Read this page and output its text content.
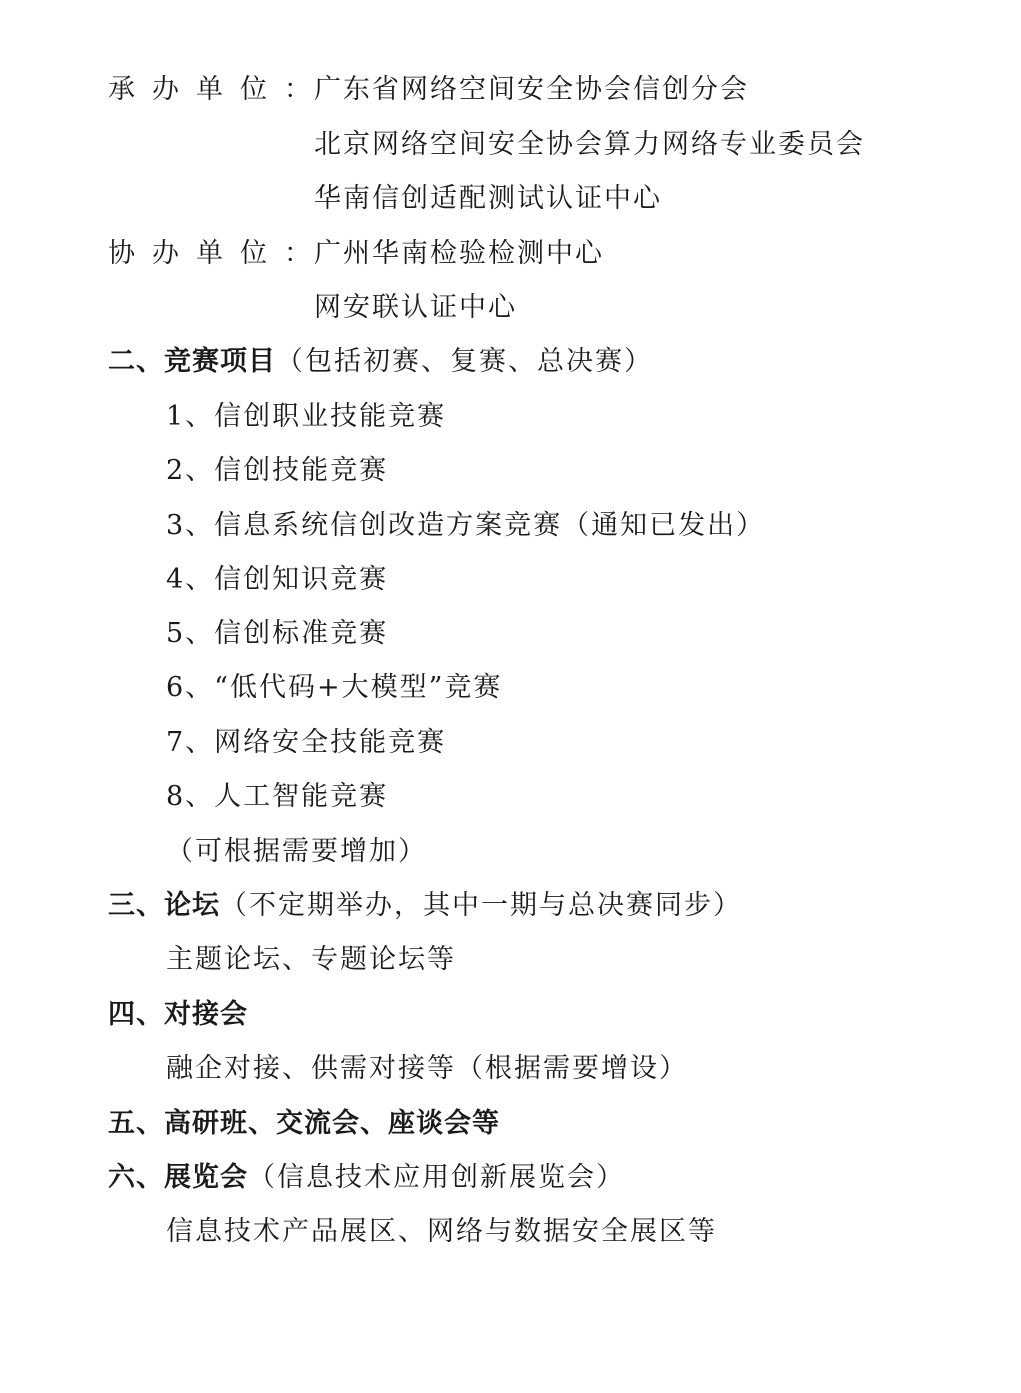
承办单位：
广东省网络空间安全协会信创分会
北京网络空间安全协会算力网络专业委员会
华南信创适配测试认证中心
协办单位：
广州华南检验检测中心
网安联认证中心
二、竞赛项目（包括初赛、复赛、总决赛）
1、信创职业技能竞赛
2、信创技能竞赛
3、信息系统信创改造方案竞赛（通知已发出）
4、信创知识竞赛
5、信创标准竞赛
6、“低代码+大模型”竞赛
7、网络安全技能竞赛
8、人工智能竞赛
（可根据需要增加）
三、论坛（不定期举办，其中一期与总决赛同步）
主题论坛、专题论坛等
四、对接会
融企对接、供需对接等（根据需要增设）
五、高研班、交流会、座谈会等
六、展览会（信息技术应用创新展览会）
信息技术产品展区、网络与数据安全展区等
